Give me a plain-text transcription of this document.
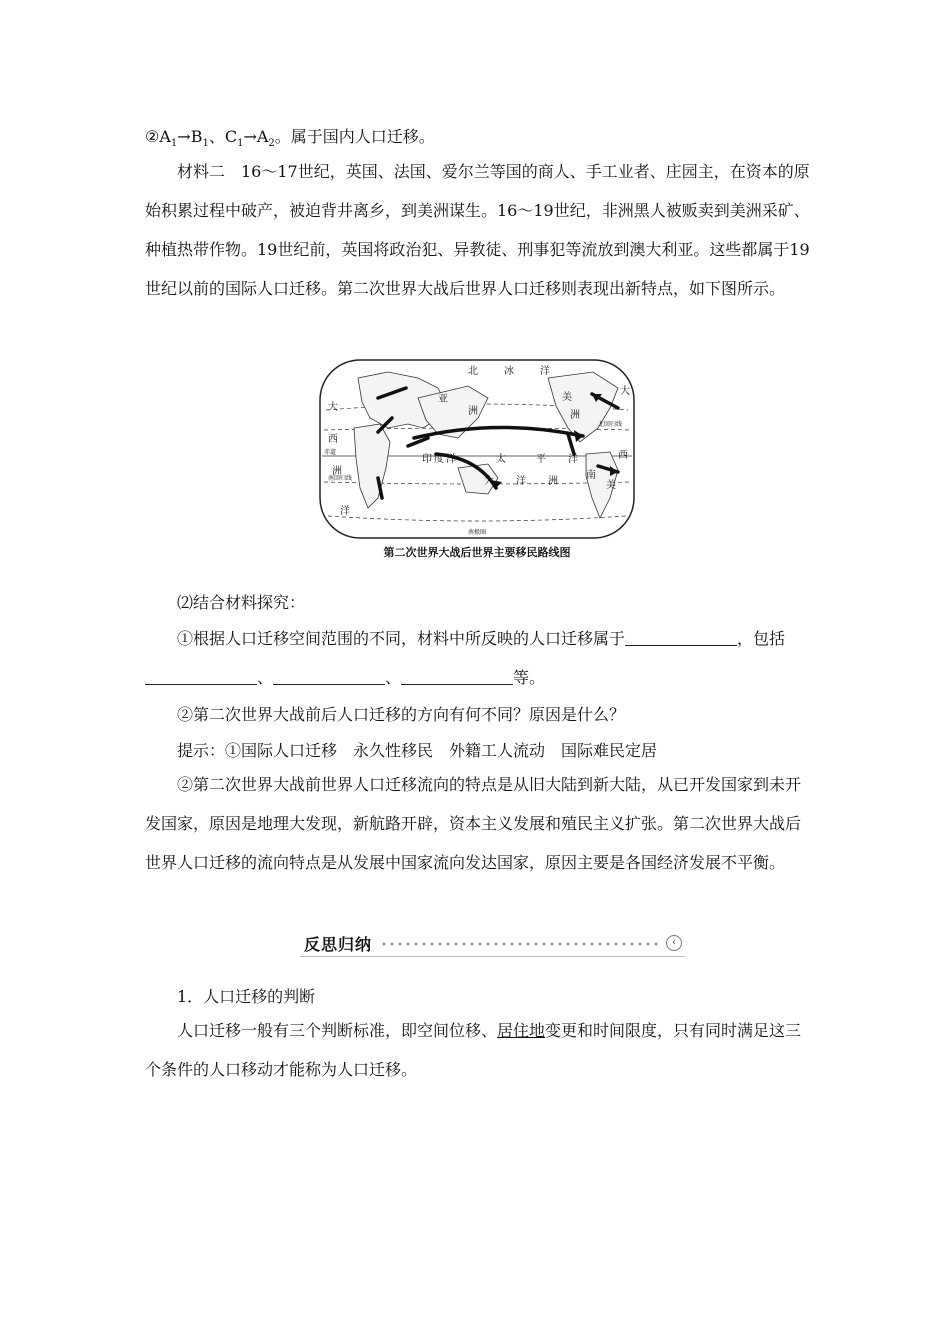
$②A_1\to B_1$、$C_1\to A_2$。属于国内人口迁移。

材料二　16～17世纪，英国、法国、爱尔兰等国的商人、手工业者、庄园主，在资本的原始积累过程中破产，被迫背井离乡，到美洲谋生。16～19世纪，非洲黑人被贩卖到美洲采矿、种植热带作物。19世纪前，英国将政治犯、异教徒、刑事犯等流放到澳大利亚。这些都属于19世纪以前的国际人口迁移。第二次世界大战后世界人口迁移则表现出新特点，如下图所示。

北	冰	洋
大
西
洲
洋
印 度 洋	太	平 洋
大 洋 洲
大
西
美
洲
美
亚
洲
南
赤道
南回归线
北回归线
南极圈
第二次世界大战后世界主要移民路线图
⑵结合材料探究：
①根据人口迁移空间范围的不同，材料中所反映的人口迁移属于	，包括
、	、	等。
②第二次世界大战前后人口迁移的方向有何不同？原因是什么？
提示：①国际人口迁移　永久性移民　外籍工人流动　国际难民定居

②第二次世界大战前世界人口迁移流向的特点是从旧大陆到新大陆，从已开发国家到未开发国家，原因是地理大发现，新航路开辟，资本主义发展和殖民主义扩张。第二次世界大战后世界人口迁移的流向特点是从发展中国家流向发达国家，原因主要是各国经济发展不平衡。

反思归纳	‹
1．人口迁移的判断

人口迁移一般有三个判断标准，即空间位移、居住地变更和时间限度，只有同时满足这三个条件的人口移动才能称为人口迁移。
